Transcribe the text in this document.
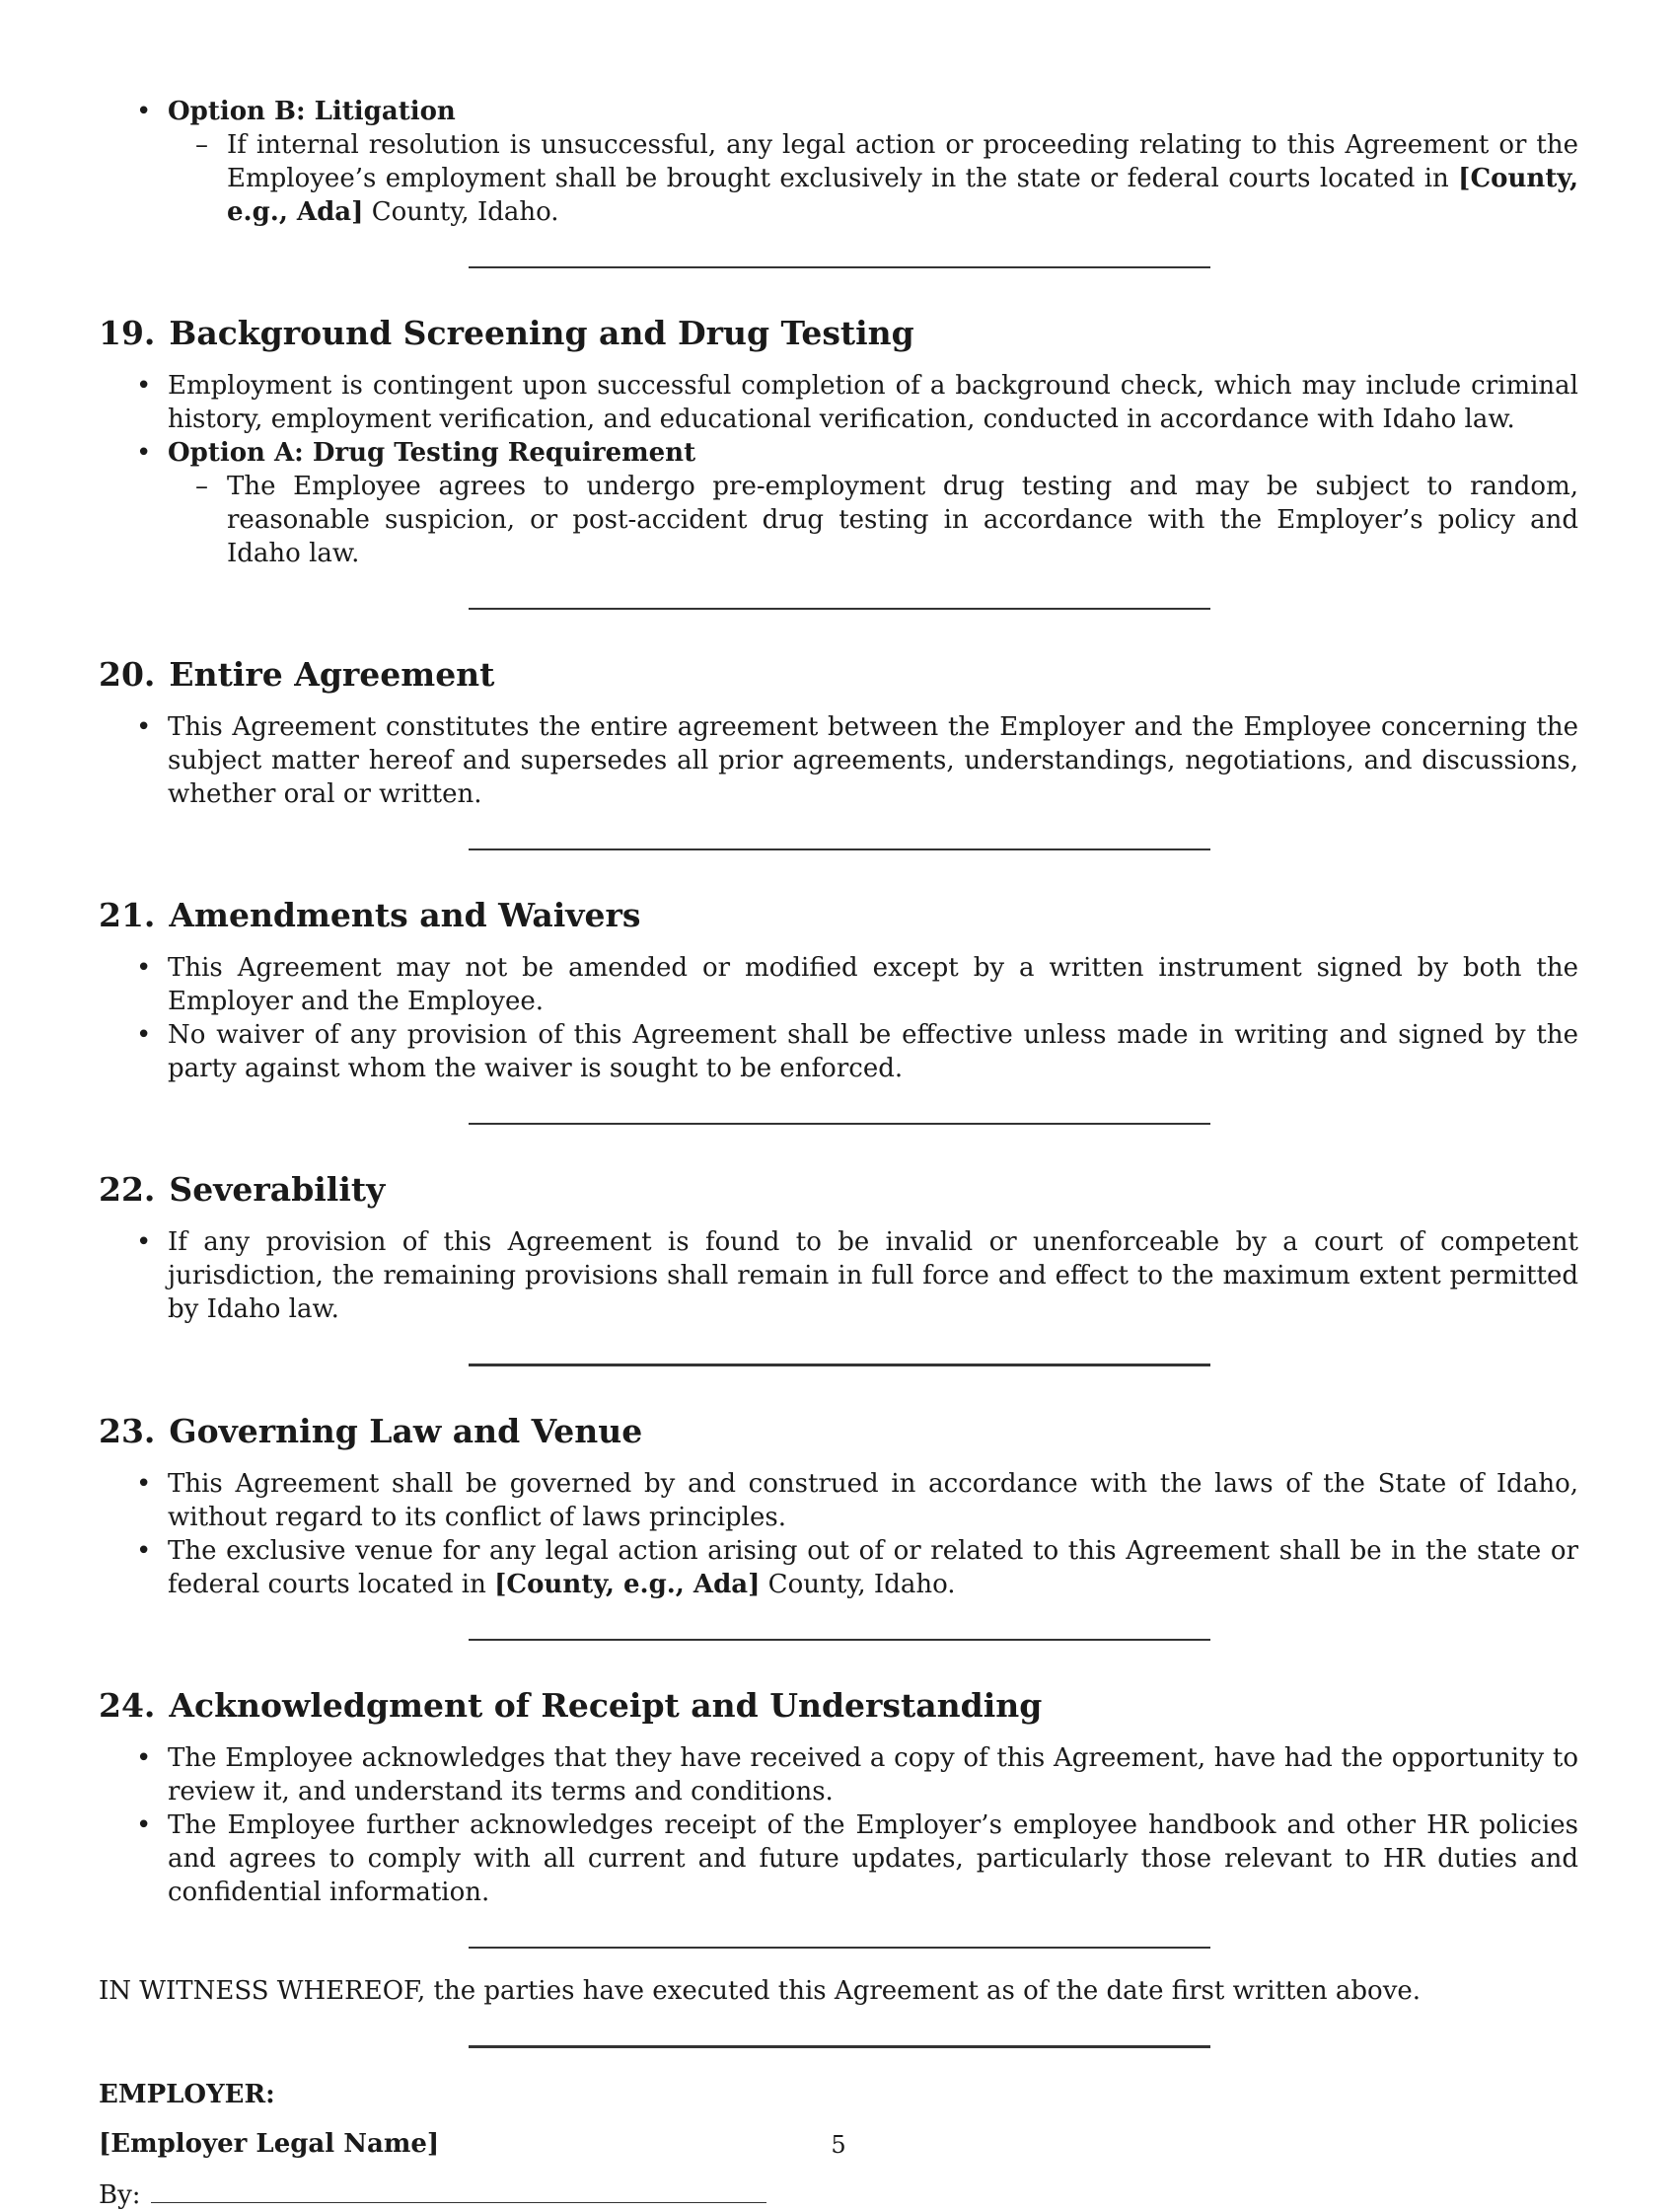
• Option B: Litigation
– If internal resolution is unsuccessful, any legal action or proceeding relating to this Agreement or the Employee’s employment shall be brought exclusively in the state or federal courts located in [County, e.g., Ada] County, Idaho.
19. Background Screening and Drug Testing
• Employment is contingent upon successful completion of a background check, which may include criminal history, employment verification, and educational verification, conducted in accordance with Idaho law.
• Option A: Drug Testing Requirement
– The Employee agrees to undergo pre-employment drug testing and may be subject to random, reasonable suspicion, or post-accident drug testing in accordance with the Employer’s policy and Idaho law.
20. Entire Agreement
• This Agreement constitutes the entire agreement between the Employer and the Employee concerning the subject matter hereof and supersedes all prior agreements, understandings, negotiations, and discussions, whether oral or written.
21. Amendments and Waivers
• This Agreement may not be amended or modified except by a written instrument signed by both the Employer and the Employee.
• No waiver of any provision of this Agreement shall be effective unless made in writing and signed by the party against whom the waiver is sought to be enforced.
22. Severability
• If any provision of this Agreement is found to be invalid or unenforceable by a court of competent jurisdiction, the remaining provisions shall remain in full force and effect to the maximum extent permitted by Idaho law.
23. Governing Law and Venue
• This Agreement shall be governed by and construed in accordance with the laws of the State of Idaho, without regard to its conflict of laws principles.
• The exclusive venue for any legal action arising out of or related to this Agreement shall be in the state or federal courts located in [County, e.g., Ada] County, Idaho.
24. Acknowledgment of Receipt and Understanding
• The Employee acknowledges that they have received a copy of this Agreement, have had the opportunity to review it, and understand its terms and conditions.
• The Employee further acknowledges receipt of the Employer’s employee handbook and other HR policies and agrees to comply with all current and future updates, particularly those relevant to HR duties and confidential information.
IN WITNESS WHEREOF, the parties have executed this Agreement as of the date first written above.
EMPLOYER:
[Employer Legal Name]
By:
5
